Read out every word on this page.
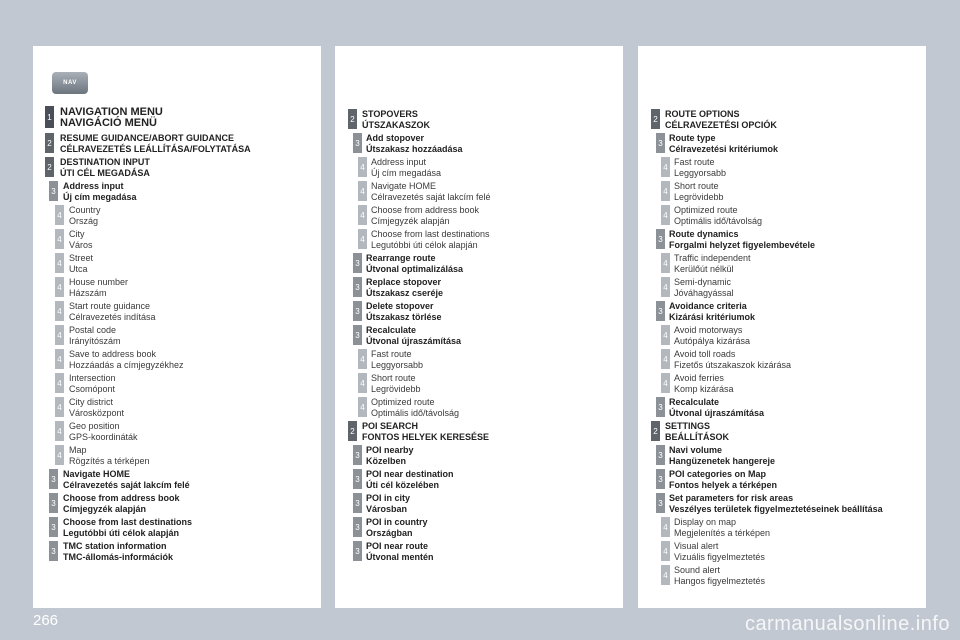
NAV
1 NAVIGATION MENU
NAVIGÁCIÓ MENÜ
2 RESUME GUIDANCE/ABORT GUIDANCE
CÉLRAVEZETÉS LEÁLLÍTÁSA/FOLYTATÁSA
2 DESTINATION INPUT
ÚTI CÉL MEGADÁSA
3 Address input
Új cím megadása
4 Country
Ország
4 City
Város
4 Street
Utca
4 House number
Házszám
4 Start route guidance
Célravezetés indítása
4 Postal code
Irányítószám
4 Save to address book
Hozzáadás a címjegyzékhez
4 Intersection
Csomópont
4 City district
Városközpont
4 Geo position
GPS-koordináták
4 Map
Rögzítés a térképen
3 Navigate HOME
Célravezetés saját lakcím felé
3 Choose from address book
Címjegyzék alapján
3 Choose from last destinations
Legutóbbi úti célok alapján
3 TMC station information
TMC-állomás-információk
2 STOPOVERS
ÚTSZAKASZOK
3 Add stopover
Útszakasz hozzáadása
4 Address input
Új cím megadása
4 Navigate HOME
Célravezetés saját lakcím felé
4 Choose from address book
Címjegyzék alapján
4 Choose from last destinations
Legutóbbi úti célok alapján
3 Rearrange route
Útvonal optimalizálása
3 Replace stopover
Útszakasz cseréje
3 Delete stopover
Útszakasz törlése
3 Recalculate
Útvonal újraszámítása
4 Fast route
Leggyorsabb
4 Short route
Legrövidebb
4 Optimized route
Optimális idő/távolság
2 POI SEARCH
FONTOS HELYEK KERESÉSE
3 POI nearby
Közelben
3 POI near destination
Úti cél közelében
3 POI in city
Városban
3 POI in country
Országban
3 POI near route
Útvonal mentén
2 ROUTE OPTIONS
CÉLRAVEZETÉSI OPCIÓK
3 Route type
Célravezetési kritériumok
4 Fast route
Leggyorsabb
4 Short route
Legrövidebb
4 Optimized route
Optimális idő/távolság
3 Route dynamics
Forgalmi helyzet figyelembevétele
4 Traffic independent
Kerülőút nélkül
4 Semi-dynamic
Jóváhagyással
3 Avoidance criteria
Kizárási kritériumok
4 Avoid motorways
Autópálya kizárása
4 Avoid toll roads
Fizetős útszakaszok kizárása
4 Avoid ferries
Komp kizárása
3 Recalculate
Útvonal újraszámítása
2 SETTINGS
BEÁLLÍTÁSOK
3 Navi volume
Hangüzenetek hangereje
3 POI categories on Map
Fontos helyek a térképen
3 Set parameters for risk areas
Veszélyes területek figyelmeztetéseinek beállítása
4 Display on map
Megjelenítés a térképen
4 Visual alert
Vizuális figyelmeztetés
4 Sound alert
Hangos figyelmeztetés
266	carmanualsonline.info
